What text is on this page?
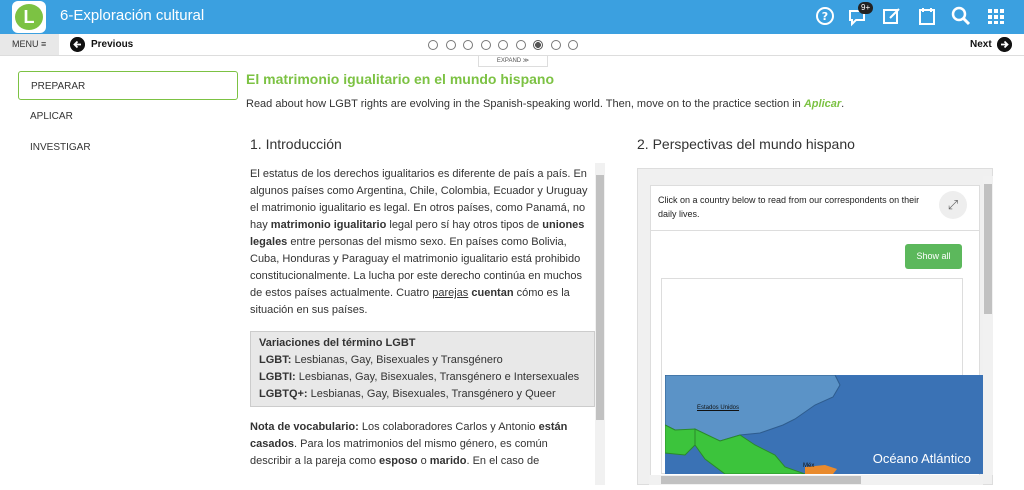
L	6-Exploración cultural	?
9+
MENU ≡	Previous	Next
EXPAND ≫
PREPARAR
APLICAR
INVESTIGAR
El matrimonio igualitario en el mundo hispano
Read about how LGBT rights are evolving in the Spanish-speaking world. Then, move on to the practice section in Aplicar.
1. Introducción

El estatus de los derechos igualitarios es diferente de país a país. En algunos países como Argentina, Chile, Colombia, Ecuador y Uruguay el matrimonio igualitario es legal. En otros países, como Panamá, no hay matrimonio igualitario legal pero sí hay otros tipos de uniones legales entre personas del mismo sexo. En países como Bolivia, Cuba, Honduras y Paraguay el matrimonio igualitario está prohibido constitucionalmente. La lucha por este derecho continúa en muchos de estos países actualmente. Cuatro parejas cuentan cómo es la situación en sus países.

Variaciones del término LGBT
LGBT: Lesbianas, Gay, Bisexuales y Transgénero
LGBTI: Lesbianas, Gay, Bisexuales, Transgénero e Intersexuales
LGBTQ+: Lesbianas, Gay, Bisexuales, Transgénero y Queer

Nota de vocabulario: Los colaboradores Carlos y Antonio están casados. Para los matrimonios del mismo género, es común describir a la pareja como esposo o marido. En el caso de

2. Perspectivas del mundo hispano
Click on a country below to read from our correspondents on their daily lives.
⤢
Show all
Estados Unidos
Méx	Océano Atlántico
